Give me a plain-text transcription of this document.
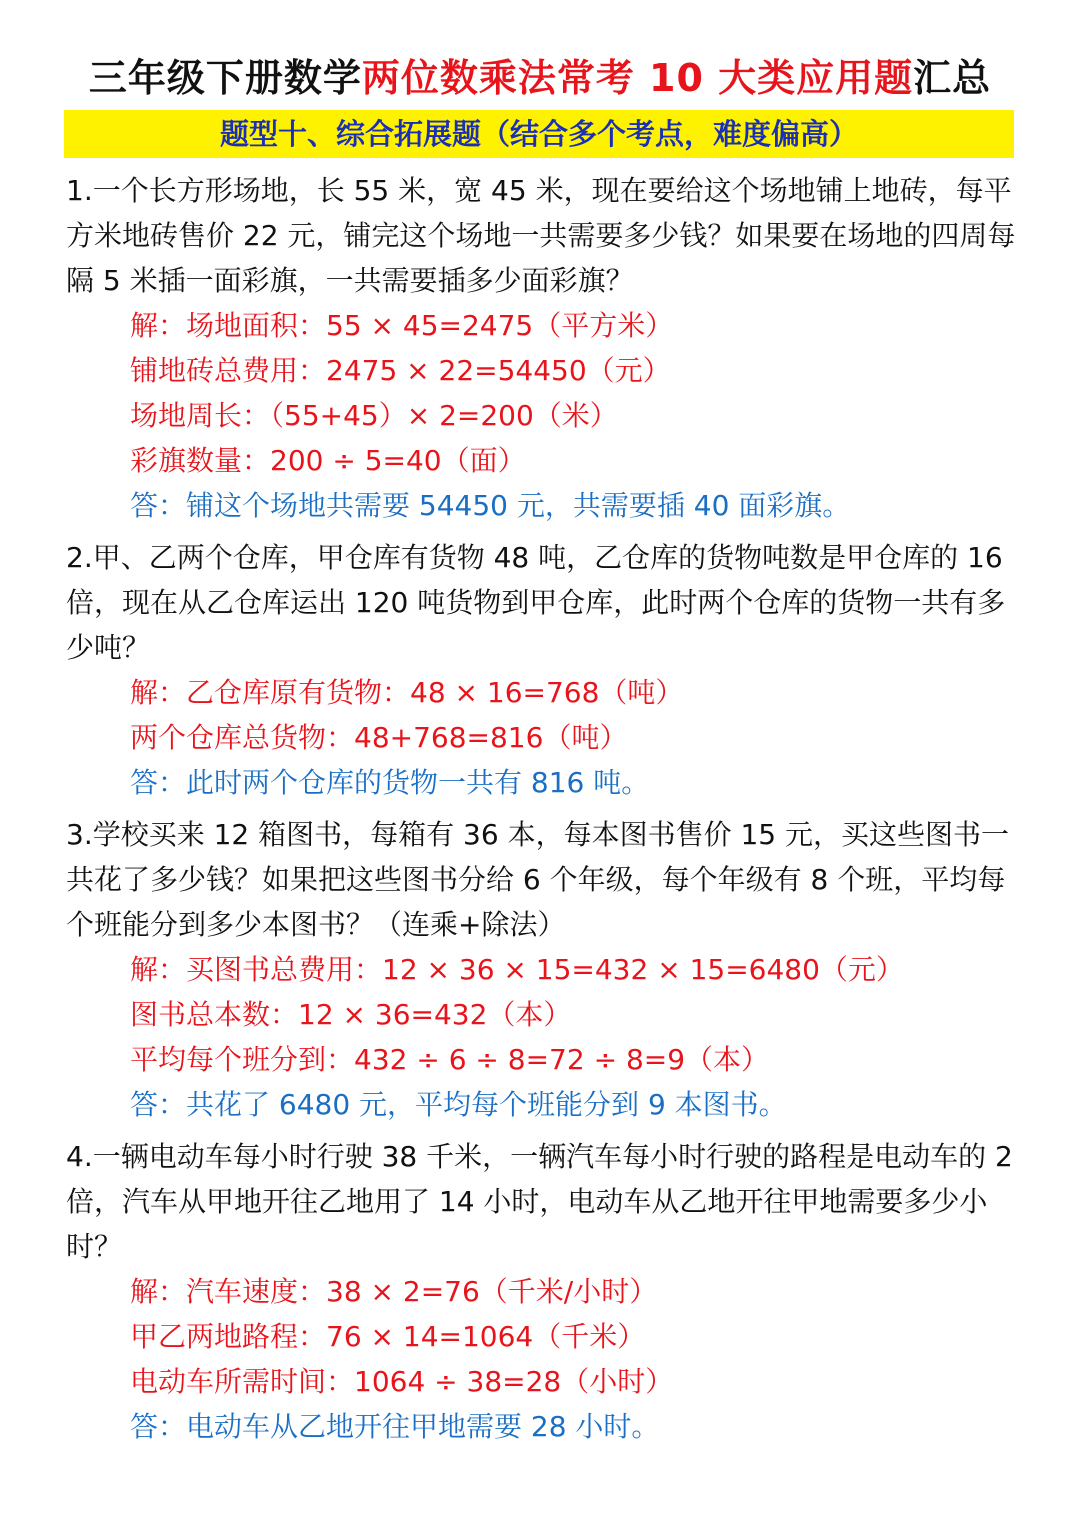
三年级下册数学两位数乘法常考 10 大类应用题汇总
题型十、综合拓展题（结合多个考点，难度偏高）

1.一个长方形场地，长 55 米，宽 45 米，现在要给这个场地铺上地砖，每平方米地砖售价 22 元，铺完这个场地一共需要多少钱？如果要在场地的四周每隔 5 米插一面彩旗，一共需要插多少面彩旗？

解：场地面积：55 × 45=2475（平方米）

铺地砖总费用：2475 × 22=54450（元）

场地周长：（55+45）× 2=200（米）

彩旗数量：200 ÷ 5=40（面）

答：铺这个场地共需要 54450 元，共需要插 40 面彩旗。

2.甲、乙两个仓库，甲仓库有货物 48 吨，乙仓库的货物吨数是甲仓库的 16 倍，现在从乙仓库运出 120 吨货物到甲仓库，此时两个仓库的货物一共有多少吨？

解：乙仓库原有货物：48 × 16=768（吨）

两个仓库总货物：48+768=816（吨）

答：此时两个仓库的货物一共有 816 吨。

3.学校买来 12 箱图书，每箱有 36 本，每本图书售价 15 元，买这些图书一共花了多少钱？如果把这些图书分给 6 个年级，每个年级有 8 个班，平均每个班能分到多少本图书？（连乘+除法）

解：买图书总费用：12 × 36 × 15=432 × 15=6480（元）

图书总本数：12 × 36=432（本）

平均每个班分到：432 ÷ 6 ÷ 8=72 ÷ 8=9（本）

答：共花了 6480 元，平均每个班能分到 9 本图书。

4.一辆电动车每小时行驶 38 千米，一辆汽车每小时行驶的路程是电动车的 2 倍，汽车从甲地开往乙地用了 14 小时，电动车从乙地开往甲地需要多少小时？

解：汽车速度：38 × 2=76（千米/小时）

甲乙两地路程：76 × 14=1064（千米）

电动车所需时间：1064 ÷ 38=28（小时）

答：电动车从乙地开往甲地需要 28 小时。
